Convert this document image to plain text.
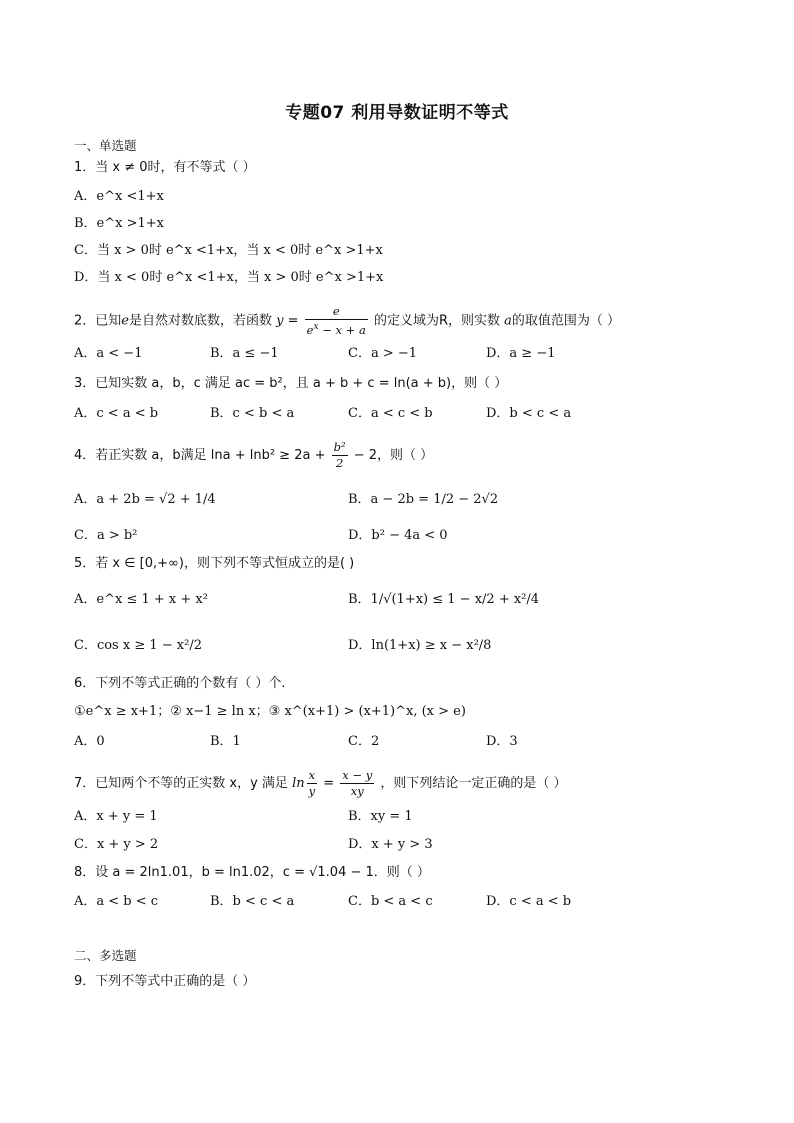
专题07 利用导数证明不等式
一、单选题
1．当 x ≠ 0时，有不等式（ ）
A．e^x <1+x
B．e^x >1+x
C．当 x > 0时 e^x <1+x，当 x < 0时 e^x >1+x
D．当 x < 0时 e^x <1+x，当 x > 0时 e^x >1+x
2．已知e是自然对数底数，若函数 $y = \frac{e}{e^x - x + a}$ 的定义域为R，则实数 a的取值范围为（ ）
A．a < −1	B．a ≤ −1	C．a > −1	D．a ≥ −1
3．已知实数 a，b，c 满足 ac = b²，且 a + b + c = ln(a + b)，则（ ）
A．c < a < b	B．c < b < a	C．a < c < b	D．b < c < a
4．若正实数 a，b满足 $\ln a + \ln b^2 \ge 2a + \frac{\text{b²}}{2} - 2$，则（ ）
A．a + 2b = √2 + 1/4	B．a − 2b = 1/2 − 2√2
C．a > b²	D．b² − 4a < 0
5．若 x ∈ [0,+∞)，则下列不等式恒成立的是( )
A．e^x ≤ 1 + x + x²	B．1/√(1+x) ≤ 1 − x/2 + x²/4
C．cos x ≥ 1 − x²/2	D．ln(1+x) ≥ x − x²/8
6．下列不等式正确的个数有（ ）个.
①e^x ≥ x+1；② x−1 ≥ ln x；③ x^(x+1) > (x+1)^x, (x > e)
A．0	B．1	C．2	D．3
7．已知两个不等的正实数 x，y 满足 $\ln \frac{x}{y} = \frac{x - y}{xy}$ ，则下列结论一定正确的是（ ）
A．x + y = 1	B．xy = 1
C．x + y > 2	D．x + y > 3
8．设 a = 2ln1.01，b = ln1.02，c = √1.04 − 1．则（ ）
A．a < b < c	B．b < c < a	C．b < a < c	D．c < a < b
二、多选题
9．下列不等式中正确的是（ ）
